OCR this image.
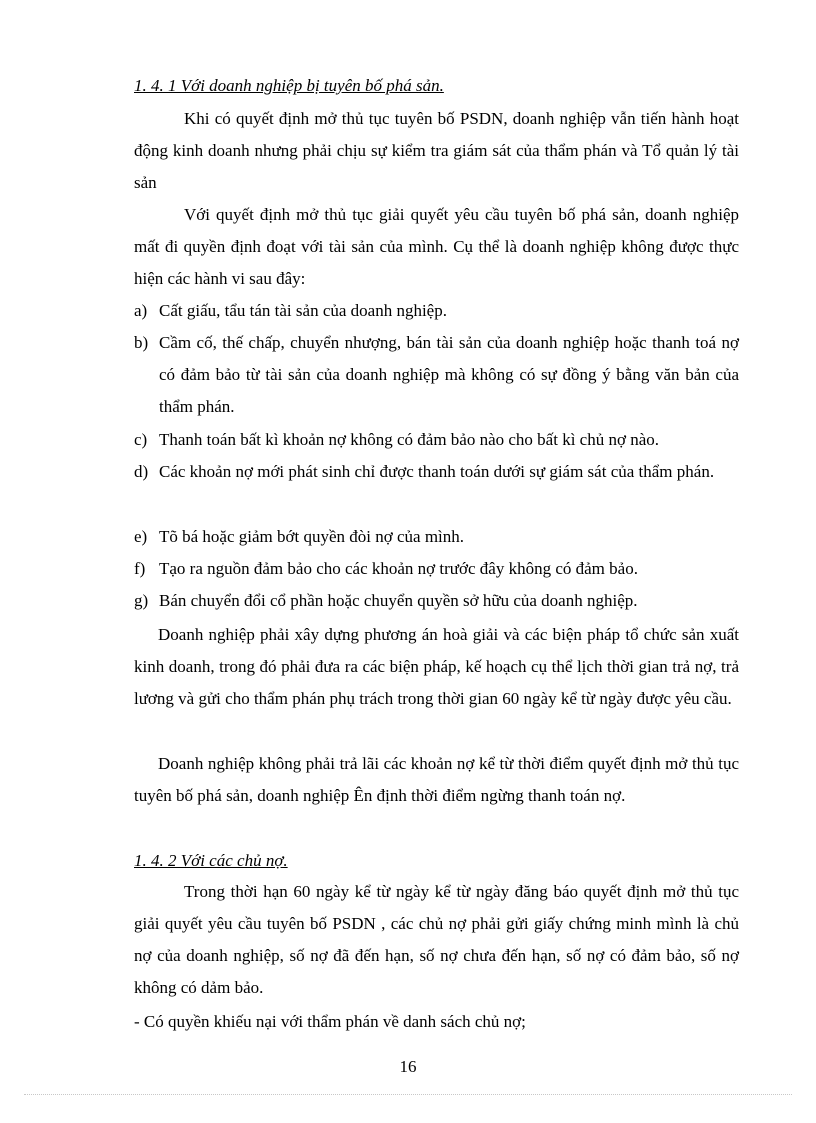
1. 4. 1 Với doanh nghiệp bị tuyên bố phá sản.
Khi có quyết định mở thủ tục tuyên bố PSDN, doanh nghiệp vẫn tiến hành hoạt động kinh doanh nhưng phải chịu sự kiểm tra giám sát của thẩm phán và Tổ quản lý tài sản
Với quyết định mở thủ tục giải quyết yêu cầu tuyên bố phá sản, doanh nghiệp mất đi quyền định đoạt với tài sản của mình. Cụ thể là doanh nghiệp không được thực hiện các hành vi sau đây:
a) Cất giấu, tẩu tán tài sản của doanh nghiệp.
b) Cầm cố, thế chấp, chuyển nhượng, bán tài sản của doanh nghiệp hoặc thanh toá nợ có đảm bảo từ tài sản của doanh nghiệp mà không có sự đồng ý bằng văn bản của thẩm phán.
c) Thanh toán bất kì khoản nợ không có đảm bảo nào cho bất kì chủ nợ nào.
d) Các khoản nợ mới phát sinh chỉ được thanh toán dưới sự giám sát của thẩm phán.
e) Tõ bá hoặc giảm bớt quyền đòi nợ của mình.
f) Tạo ra nguồn đảm bảo cho các khoản nợ trước đây không có đảm bảo.
g) Bán chuyển đổi cổ phần hoặc chuyển quyền sở hữu của doanh nghiệp.
Doanh nghiệp phải xây dựng phương án hoà giải và các biện pháp tổ chức sản xuất kinh doanh, trong đó phải đưa ra các biện pháp, kế hoạch cụ thể lịch thời gian trả nợ, trả lương và gửi cho thẩm phán phụ trách trong thời gian 60 ngày kể từ ngày được yêu cầu.
Doanh nghiệp không phải trả lãi các khoản nợ kể từ thời điểm quyết định mở thủ tục tuyên bố phá sản, doanh nghiệp Ên định thời điểm ngừng thanh toán nợ.
1. 4. 2 Với các chủ nợ.
Trong thời hạn 60 ngày kể từ ngày kể từ ngày đăng báo quyết định mở thủ tục giải quyết yêu cầu tuyên bố PSDN , các chủ nợ phải gửi giấy chứng minh mình là chủ nợ của doanh nghiệp, số nợ đã đến hạn, số nợ chưa đến hạn, số nợ có đảm bảo, số nợ không có dảm bảo.
- Có quyền khiếu nại với thẩm phán về danh sách chủ nợ;
16
